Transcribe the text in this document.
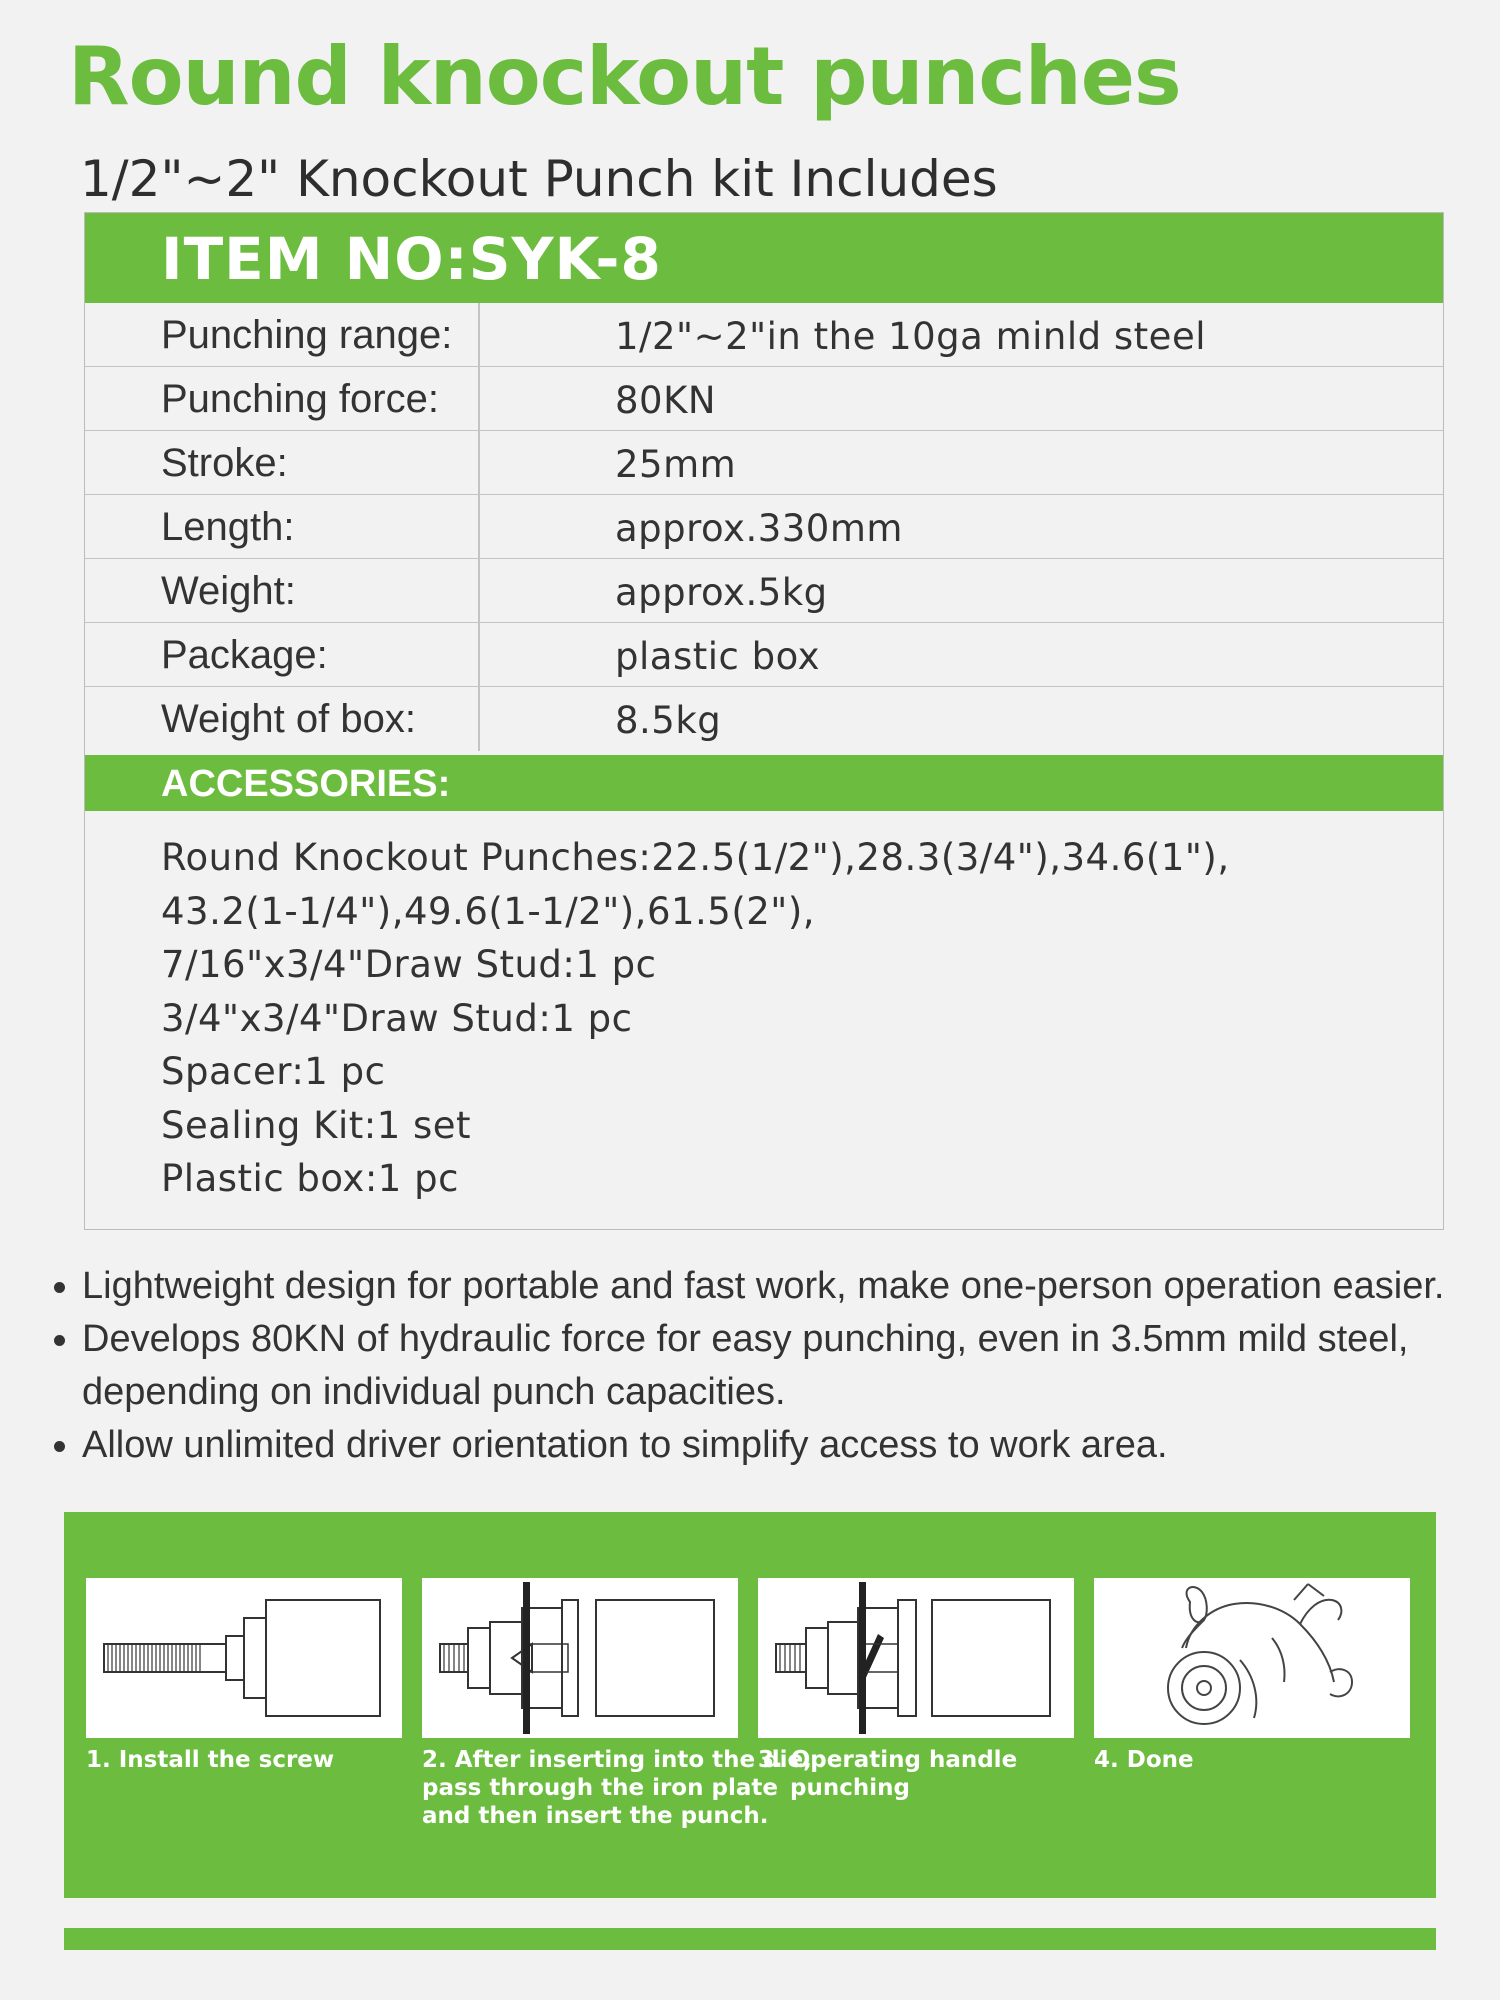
Round knockout punches
1/2"~2" Knockout Punch kit Includes
ITEM NO:SYK-8
Punching range:	1/2"~2"in the 10ga minld steel
Punching force:	80KN
Stroke:	25mm
Length:	approx.330mm
Weight:	approx.5kg
Package:	plastic box
Weight of box:	8.5kg
ACCESSORIES:
Round Knockout Punches:22.5(1/2"),28.3(3/4"),34.6(1"),
43.2(1-1/4"),49.6(1-1/2"),61.5(2"),
7/16"x3/4"Draw Stud:1 pc
3/4"x3/4"Draw Stud:1 pc
Spacer:1 pc
Sealing Kit:1 set
Plastic box:1 pc
Lightweight design for portable and fast work, make one-person operation easier.
Develops 80KN of hydraulic force for easy punching, even in 3.5mm mild steel,
depending on individual punch capacities.
Allow unlimited driver orientation to simplify access to work area.
1. Install the screw	2. After inserting into the die,
pass through the iron plate
and then insert the punch.
3. Operating handle
punching
4. Done
